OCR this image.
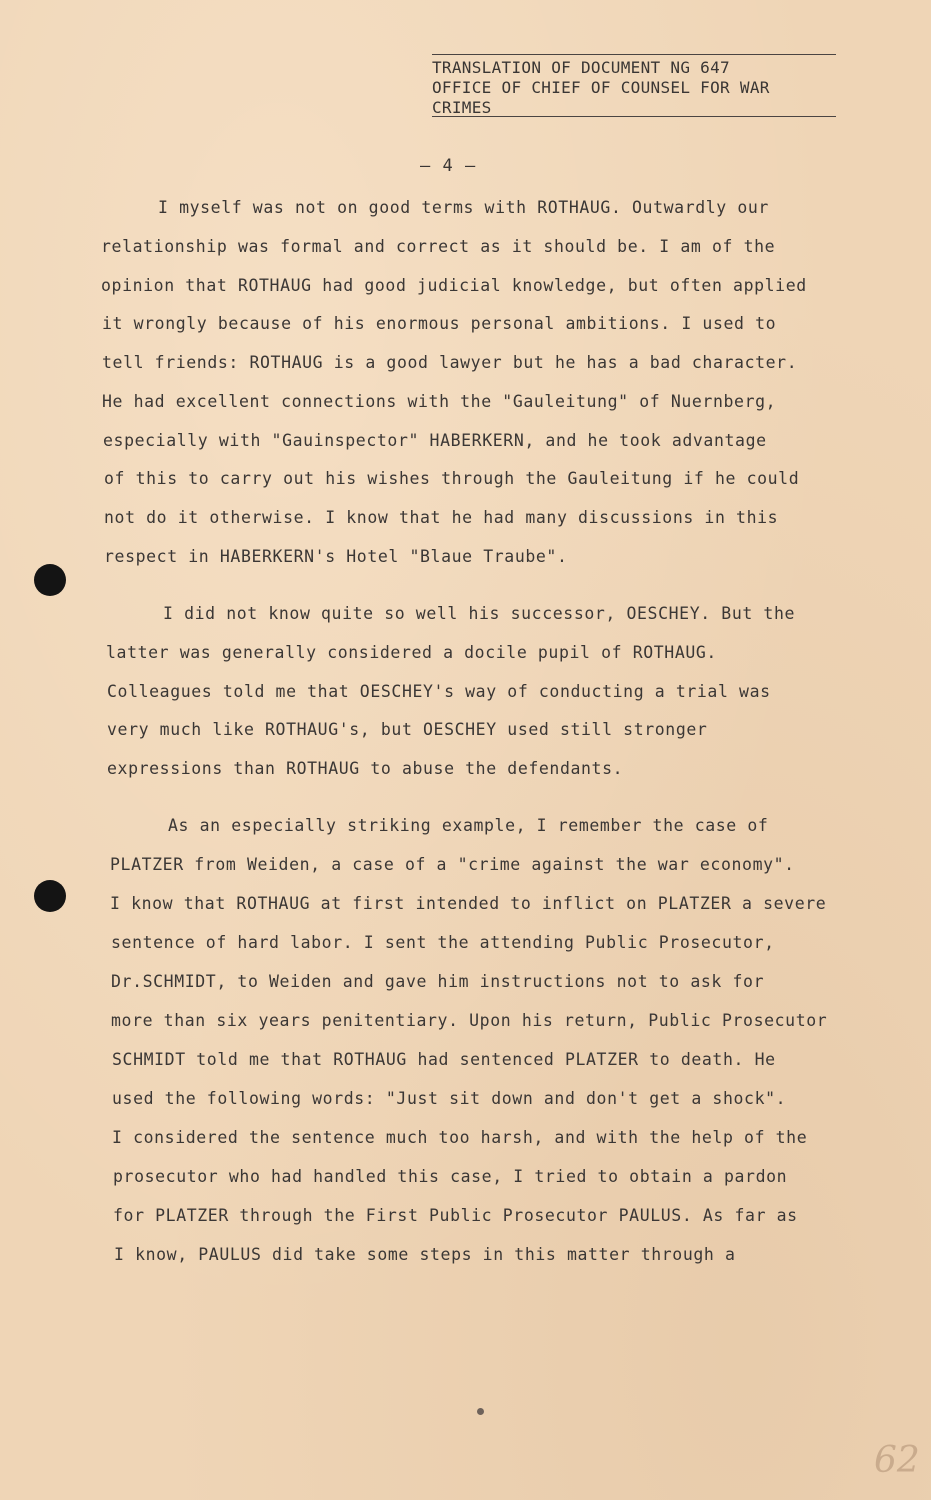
TRANSLATION OF DOCUMENT NG 647
OFFICE OF CHIEF OF COUNSEL FOR WAR
CRIMES
– 4 –
I myself was not on good terms with ROTHAUG. Outwardly our
relationship was formal and correct as it should be. I am of the
opinion that ROTHAUG had good judicial knowledge, but often applied
it wrongly because of his enormous personal ambitions. I used to
tell friends: ROTHAUG is a good lawyer but he has a bad character.
He had excellent connections with the "Gauleitung" of Nuernberg,
especially with "Gauinspector" HABERKERN, and he took advantage
of this to carry out his wishes through the Gauleitung if he could
not do it otherwise. I know that he had many discussions in this
respect in HABERKERN's Hotel "Blaue Traube".
I did not know quite so well his successor, OESCHEY. But the
latter was generally considered a docile pupil of ROTHAUG.
Colleagues told me that OESCHEY's way of conducting a trial was
very much like ROTHAUG's, but OESCHEY used still stronger
expressions than ROTHAUG to abuse the defendants.
As an especially striking example, I remember the case of
PLATZER from Weiden, a case of a "crime against the war economy".
I know that ROTHAUG at first intended to inflict on PLATZER a severe
sentence of hard labor. I sent the attending Public Prosecutor,
Dr.SCHMIDT, to Weiden and gave him instructions not to ask for
more than six years penitentiary. Upon his return, Public Prosecutor
SCHMIDT told me that ROTHAUG had sentenced PLATZER to death. He
used the following words: "Just sit down and don't get a shock".
I considered the sentence much too harsh, and with the help of the
prosecutor who had handled this case, I tried to obtain a pardon
for PLATZER through the First Public Prosecutor PAULUS. As far as
I know, PAULUS did take some steps in this matter through a
62
